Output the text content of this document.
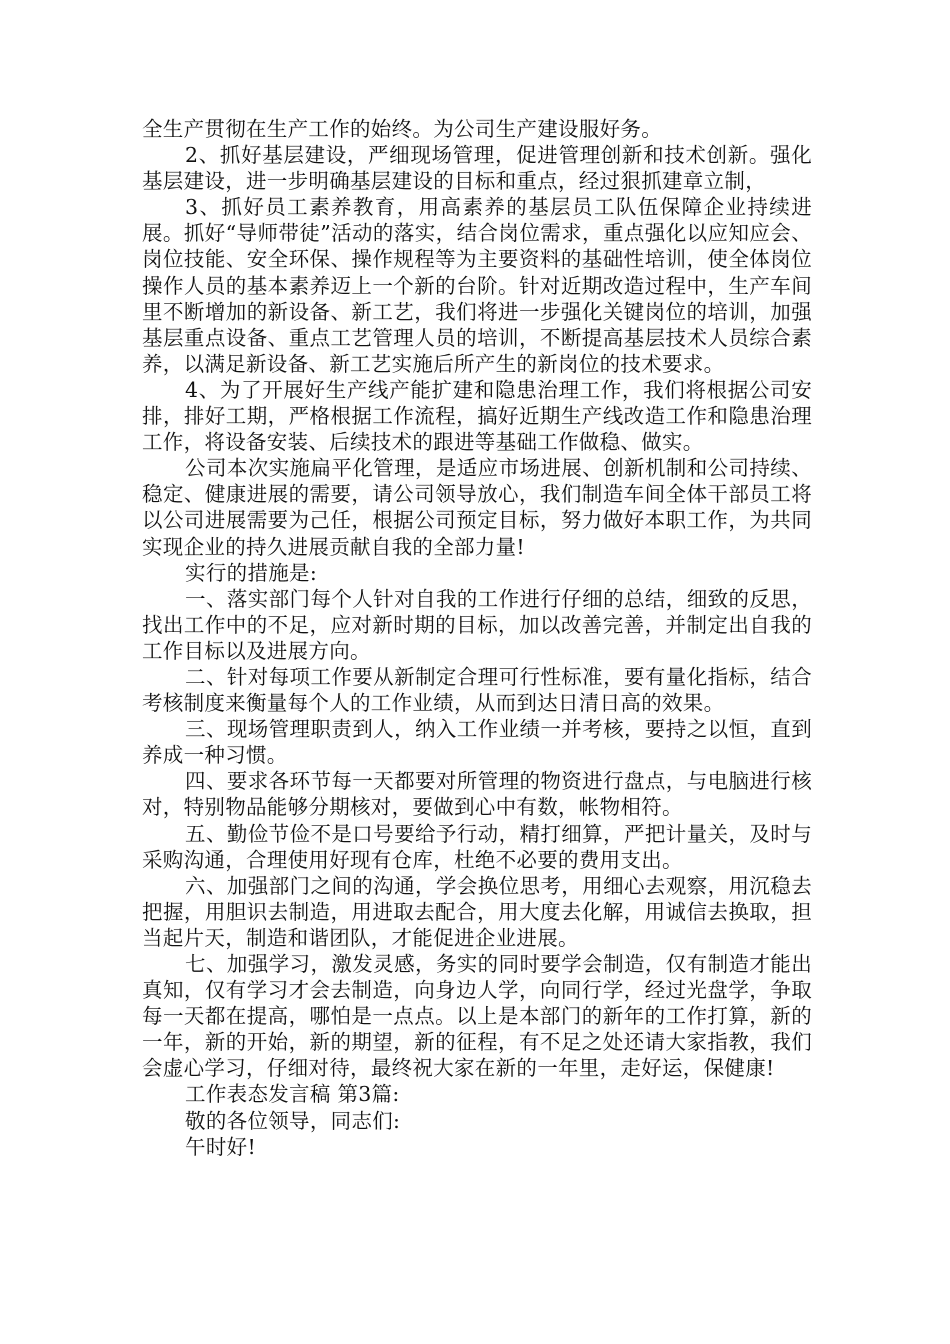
全生产贯彻在生产工作的始终。为公司生产建设服好务。

2、抓好基层建设，严细现场管理，促进管理创新和技术创新。强化基层建设，进一步明确基层建设的目标和重点，经过狠抓建章立制，

3、抓好员工素养教育，用高素养的基层员工队伍保障企业持续进展。抓好“导师带徒”活动的落实，结合岗位需求，重点强化以应知应会、岗位技能、安全环保、操作规程等为主要资料的基础性培训，使全体岗位操作人员的基本素养迈上一个新的台阶。针对近期改造过程中，生产车间里不断增加的新设备、新工艺，我们将进一步强化关键岗位的培训，加强基层重点设备、重点工艺管理人员的培训，不断提高基层技术人员综合素养，以满足新设备、新工艺实施后所产生的新岗位的技术要求。

4、为了开展好生产线产能扩建和隐患治理工作，我们将根据公司安排，排好工期，严格根据工作流程，搞好近期生产线改造工作和隐患治理工作，将设备安装、后续技术的跟进等基础工作做稳、做实。

公司本次实施扁平化管理，是适应市场进展、创新机制和公司持续、稳定、健康进展的需要，请公司领导放心，我们制造车间全体干部员工将以公司进展需要为己任，根据公司预定目标，努力做好本职工作，为共同实现企业的持久进展贡献自我的全部力量!

实行的措施是:

一、落实部门每个人针对自我的工作进行仔细的总结，细致的反思，找出工作中的不足，应对新时期的目标，加以改善完善，并制定出自我的工作目标以及进展方向。

二、针对每项工作要从新制定合理可行性标准，要有量化指标，结合考核制度来衡量每个人的工作业绩，从而到达日清日高的效果。

三、现场管理职责到人，纳入工作业绩一并考核，要持之以恒，直到养成一种习惯。

四、要求各环节每一天都要对所管理的物资进行盘点，与电脑进行核对，特别物品能够分期核对，要做到心中有数，帐物相符。

五、勤俭节俭不是口号要给予行动，精打细算，严把计量关，及时与采购沟通，合理使用好现有仓库，杜绝不必要的费用支出。

六、加强部门之间的沟通，学会换位思考，用细心去观察，用沉稳去把握，用胆识去制造，用进取去配合，用大度去化解，用诚信去换取，担当起片天，制造和谐团队，才能促进企业进展。

七、加强学习，激发灵感，务实的同时要学会制造，仅有制造才能出真知，仅有学习才会去制造，向身边人学，向同行学，经过光盘学，争取每一天都在提高，哪怕是一点点。以上是本部门的新年的工作打算，新的一年，新的开始，新的期望，新的征程，有不足之处还请大家指教，我们会虚心学习，仔细对待，最终祝大家在新的一年里，走好运，保健康!

工作表态发言稿 第3篇:

敬的各位领导，同志们:

午时好!
